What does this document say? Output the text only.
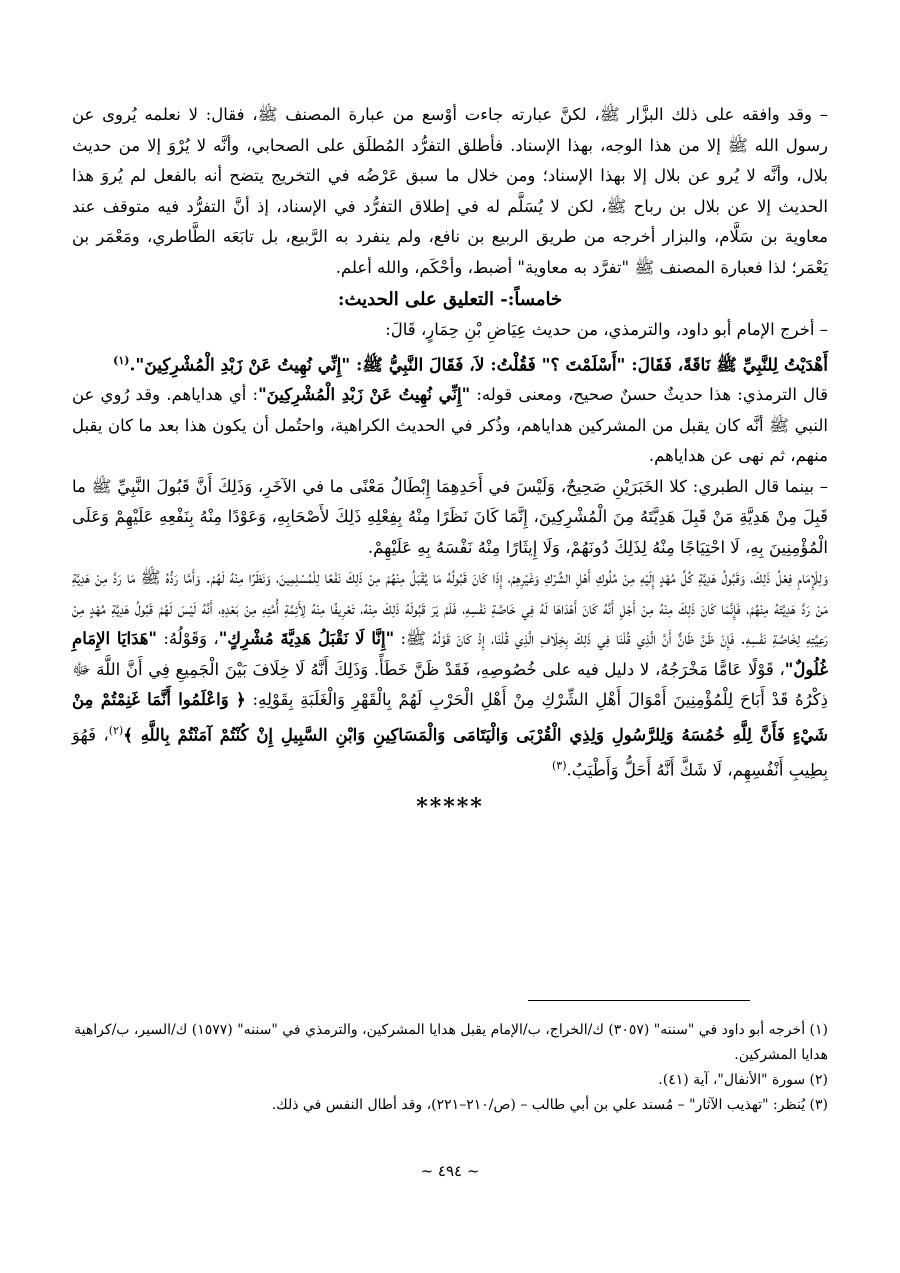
– وقد وافقه على ذلك البزَّار ﷺ، لكنَّ عبارته جاءت أوْسع من عبارة المصنف ﷺ، فقال: لا نعلمه يُروى عن رسول الله ﷺ إلا من هذا الوجه، بهذا الإسناد. فأطلق التفرُّد المُطلَق على الصحابي، وأنَّه لا يُرْوَ إلا من حديث بلال، وأنَّه لا يُرو عن بلال إلا بهذا الإسناد؛ ومن خلال ما سبق عَرْضُه في التخريج يتضح أنه بالفعل لم يُروَ هذا الحديث إلا عن بلال بن رباح ﷺ، لكن لا يُسَلَّم له في إطلاق التفرُّد في الإسناد، إذ أنَّ التفرُّد فيه متوقف عند معاوية بن سَلَّام، والبزار أخرجه من طريق الربيع بن نافع، ولم ينفرد به الرَّبيع، بل تابَعَه الطَّاطري، ومَعْمَر بن يَعْمَر؛ لذا فعبارة المصنف ﷺ "تفرَّد به معاوية" أضبط، وأحْكَم، والله أعلم.

خامساً:- التعليق على الحديث:

– أخرج الإمام أبو داود، والترمذي، من حديث عِيَاضِ بْنِ حِمَارٍ، قَالَ:

أَهْدَيْتُ لِلنَّبِيِّ ﷺ نَاقَةً، فَقَالَ: "أَسْلَمْتَ ؟" فَقُلْتُ: لاَ، فَقَالَ النَّبِيُّ ﷺ: "إِنِّي نُهِيتُ عَنْ زَبْدِ الْمُشْرِكِينَ".$^{(١)}$

قال الترمذي: هذا حديثٌ حسنٌ صحيح، ومعنى قوله: "إِنِّي نُهِيتُ عَنْ زَبْدِ الْمُشْرِكِينَ": أي هداياهم. وقد رُوي عن النبي ﷺ أنَّه كان يقبل من المشركين هداياهم، وذُكر في الحديث الكراهية، واحتُمل أن يكون هذا بعد ما كان يقبل منهم، ثم نهى عن هداياهم.

– بينما قال الطبري: كلا الخَبَرَيْنِ صَحِيحٌ، وَلَيْسَ في أَحَدِهِمَا إِبْطَالُ مَعْنًى ما في الآخَرِ، وَذَلِكَ أَنَّ قَبُولَ النَّبِيِّ ﷺ ما قَبِلَ مِنْ هَدِيَّةِ مَنْ قَبِلَ هَدِيَّتَهُ مِنَ الْمُشْرِكِينَ، إِنَّمَا كَانَ نَظَرًا مِنْهُ بِفِعْلِهِ ذَلِكَ لأَصْحَابِهِ، وَعَوْدًا مِنْهُ بِنَفْعِهِ عَلَيْهِمْ وَعَلَى الْمُؤْمِنِينَ بِهِ، لَا احْتِيَاجًا مِنْهُ لِذَلِكَ دُونَهُمْ، وَلَا إِيثَارًا مِنْهُ نَفْسَهُ بِهِ عَلَيْهِمْ.

وَلِلْإِمَامِ فِعْلُ ذَلِكَ، وَقَبُولُ هَدِيَّةِ كُلِّ مُهْدٍ إِلَيْهِ مِنْ مُلُوكِ أَهْلِ الشِّرْكِ وَغَيْرِهِمْ، إِذَا كَانَ قَبُولُهُ مَا يُقْبَلُ مِنْهُمْ مِنْ ذَلِكَ نَفْعًا لِلْمُسْلِمِينَ، وَنَظَرًا مِنْهُ لَهُمْ. وَأَمَّا رَدُّهُ ﷺ مَا رَدَّ مِنْ هَدِيَّةِ مَنْ رَدَّ هَدِيَّتَهُ مِنْهُمْ، فَإِنَّمَا كَانَ ذَلِكَ مِنْهُ مِنْ أَجْلِ أَنَّهُ كَانَ أَهْدَاهَا لَهُ فِي خَاصَّةِ نَفْسِهِ، فَلَمْ يَرَ قَبُولَهُ ذَلِكَ مِنْهُ، تَعْرِيفًا مِنْهُ لِأَئِمَّةِ أُمَّتِهِ مِنْ بَعْدِهِ، أَنَّهُ لَيْسَ لَهُمْ قَبُولُ هَدِيَّةِ مُهْدٍ مِنْ رَعِيَّتِهِ لِخَاصَّةِ نَفْسِهِ. فَإِنْ ظَنَّ ظَانٌّ أَنَّ الَّذِي قُلْنَا فِي ذَلِكَ بِخِلَافِ الَّذِي قُلْنَا، إِذْ كَانَ قَوْلُهُ ﷺ: "إِنَّا لَا نَقْبَلُ هَدِيَّةَ مُشْرِكٍ"، وَقَوْلُهُ: "هَدَايَا الإِمَامِ غُلُولٌ"، قَوْلًا عَامًّا مَخْرَجُهُ، لا دليل فيه على خُصُوصِهِ، فَقَدْ ظَنَّ خَطَأً. وَذَلِكَ أَنَّهُ لَا خِلَافَ بَيْنَ الْجَمِيعِ فِي أَنَّ اللَّهَ ﷻ ذِكْرُهُ قَدْ أَبَاحَ لِلْمُؤْمِنِينَ أَمْوَالَ أَهْلِ الشِّرْكِ مِنْ أَهْلِ الْحَرْبِ لَهُمْ بِالْقَهْرِ وَالْغَلَبَةِ بِقَوْلِهِ: ﴿ وَاعْلَمُوا أَنَّمَا غَنِمْتُمْ مِنْ شَيْءٍ فَأَنَّ لِلَّهِ خُمُسَهُ وَلِلرَّسُولِ وَلِذِي الْقُرْبَى وَالْيَتَامَى وَالْمَسَاكِينِ وَابْنِ السَّبِيلِ إِنْ كُنْتُمْ آمَنْتُمْ بِاللَّهِ ﴾$^{(٢)}$، فَهُوَ بِطِيبِ أَنْفُسِهِم، لَا شَكَّ أَنَّهُ أَحَلُّ وَأَطْيَبُ.$^{(٣)}$

*****

(١) أخرجه أبو داود في "سننه" (٣٠٥٧) ك/الخراج، ب/الإمام يقبل هدايا المشركين، والترمذي في "سننه" (١٥٧٧) ك/السير، ب/كراهية هدايا المشركين.

(٢) سورة "الأنفال"، آية (٤١).

(٣) يُنظر: "تهذيب الآثار" – مُسند علي بن أبي طالب – (ص/٢١٠–٢٢١)، وقد أطال النفس في ذلك.

~ ٤٩٤ ~
